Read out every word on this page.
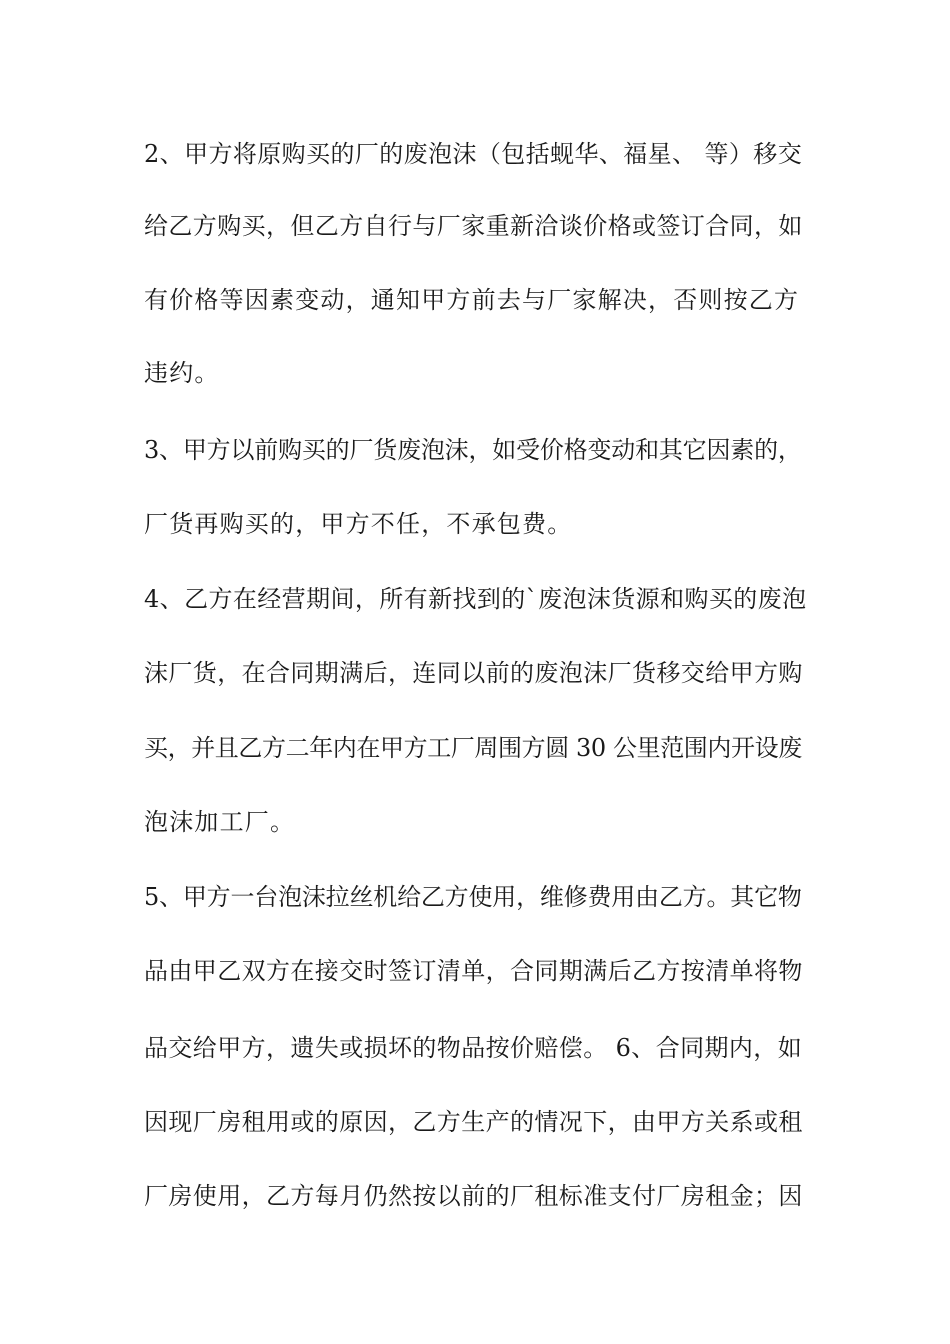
2、甲方将原购买的厂的废泡沫（包括蚬华、福星、 等）移交
给乙方购买，但乙方自行与厂家重新洽谈价格或签订合同，如
有价格等因素变动，通知甲方前去与厂家解决，否则按乙方
违约。
3、甲方以前购买的厂货废泡沫，如受价格变动和其它因素的，
厂货再购买的，甲方不任，不承包费。
4、乙方在经营期间，所有新找到的`废泡沫货源和购买的废泡
沫厂货，在合同期满后，连同以前的废泡沫厂货移交给甲方购
买，并且乙方二年内在甲方工厂周围方圆 30 公里范围内开设废
泡沫加工厂。
5、甲方一台泡沫拉丝机给乙方使用，维修费用由乙方。其它物
品由甲乙双方在接交时签订清单，合同期满后乙方按清单将物
品交给甲方，遗失或损坏的物品按价赔偿。 6、合同期内，如
因现厂房租用或的原因，乙方生产的情况下，由甲方关系或租
厂房使用，乙方每月仍然按以前的厂租标准支付厂房租金；因
